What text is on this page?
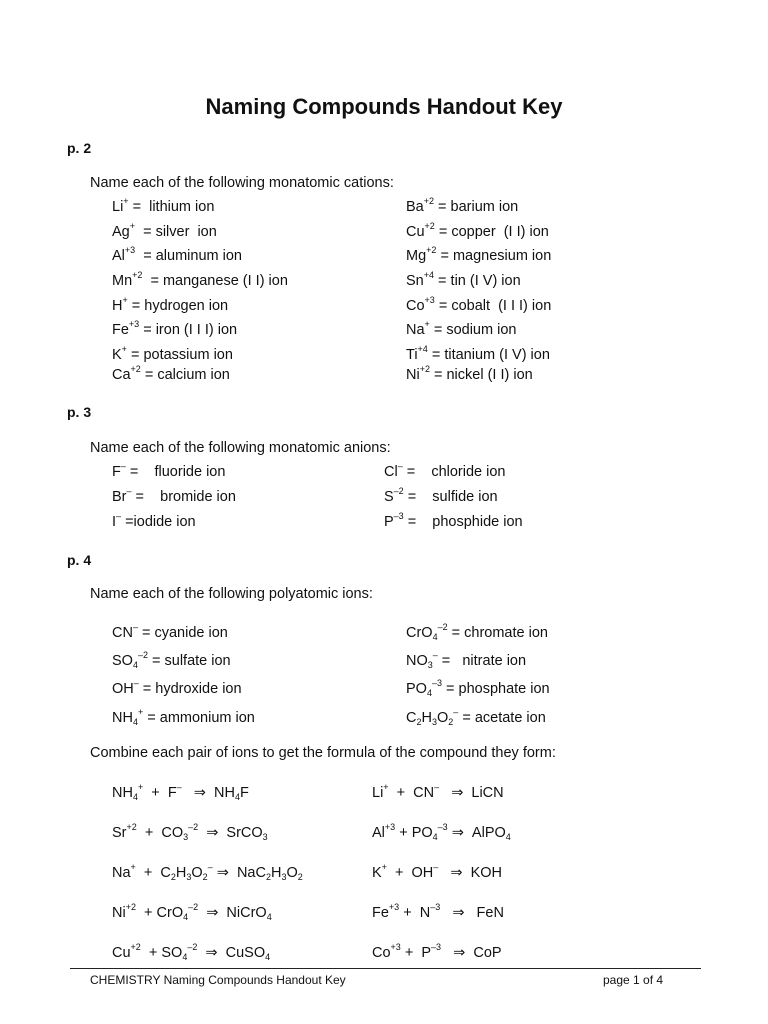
Naming Compounds Handout Key
p. 2
Name each of the following monatomic cations:
p. 3
Name each of the following monatomic anions:
p. 4
Name each of the following polyatomic ions:
Combine each pair of ions to get the formula of the compound they form:
Li+ =  lithium ion
Ag+  = silver  ion
$Al^{+3}$  = aluminum ion
$Mn^{+2}$  = manganese (I I) ion
H+ = hydrogen ion
$Fe^{+3}$ = iron (I I I) ion
K+ = potassium ion
$Ca^{+2}$ = calcium ion
$Ba^{+2}$ = barium ion
$Cu^{+2}$ = copper  (I I) ion
$Mg^{+2}$ = magnesium ion
$Sn^{+4}$ = tin (I V) ion
$Co^{+3}$ = cobalt  (I I I) ion
Na+ = sodium ion
$Ti^{+4}$ = titanium (I V) ion
$Ni^{+2}$ = nickel (I I) ion
F– =    fluoride ion
Br– =    bromide ion
I– =iodide ion
Cl– =    chloride ion
$S^{-2}$ =    sulfide ion
$P^{-3}$ =    phosphide ion
CN– = cyanide ion
$SO_4^{-2}$ = sulfate ion
OH– = hydroxide ion
$NH_4^+$ = ammonium ion
CrO$_4^{-2}$ = chromate ion
$NO_3^-$ =   nitrate ion
$PO_4^{-3}$ = phosphate ion
$C_2H_3O_2^-$ = acetate ion
$NH_4^+ + F^-$   ⇒  $NH_4F$
$Sr^{+2} + CO_3^{-2}$  ⇒  SrCO$_3$
$Na^+ + C_2H_3O_2^-$ ⇒  $NaC_2H_3O_2$
$Ni^{+2} + CrO_4^{-2}$  ⇒  NiCrO$_4$
$Cu^{+2} + SO_4^{-2}$  ⇒  CuSO$_4$
Li+  +  CN–   ⇒  LiCN
$Al^{+3} + PO_4^{-3}$ ⇒  AlPO$_4$
K+  +  OH–   ⇒  KOH
$Fe^{+3} + N^{-3}$   ⇒   FeN
$Co^{+3} + P^{-3}$   ⇒  CoP
CHEMISTRY Naming Compounds Handout Key	page 1 of 4
